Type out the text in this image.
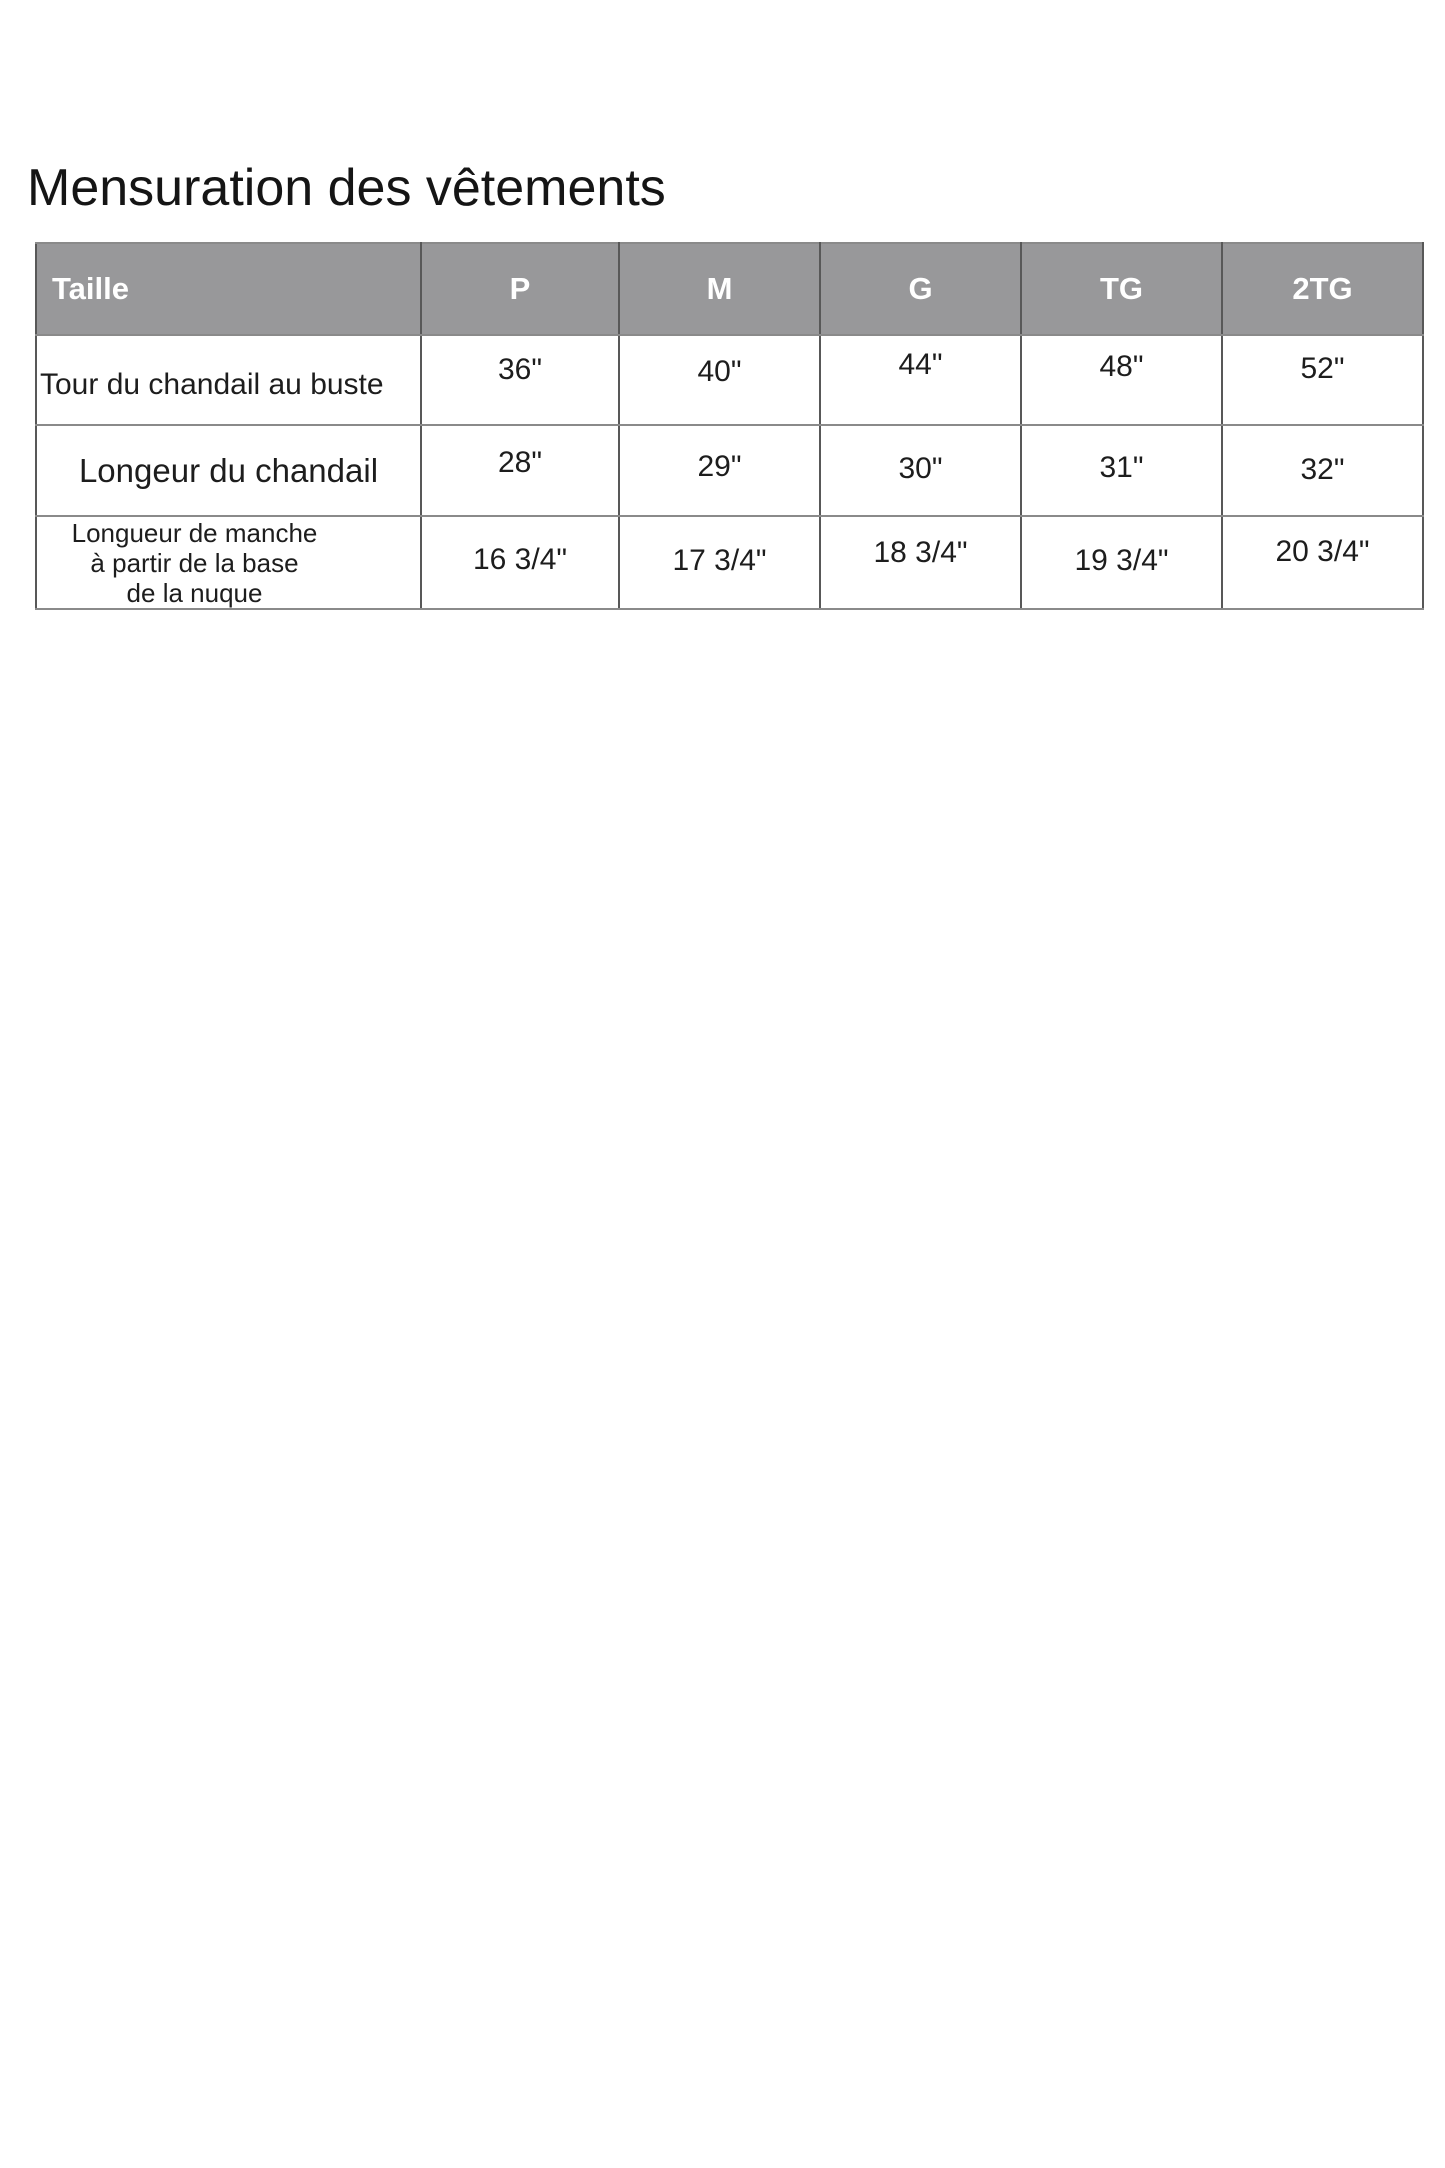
Mensuration des vêtements
Taille	P	M	G	TG	2TG
Tour du chandail au buste	36"	40"	44"	48"	52"
Longeur du chandail	28"	29"	30"	31"	32"

Longueur de manche
à partir de la base
de la nuque	16 3/4"	17 3/4"	18 3/4"	19 3/4"	20 3/4"
